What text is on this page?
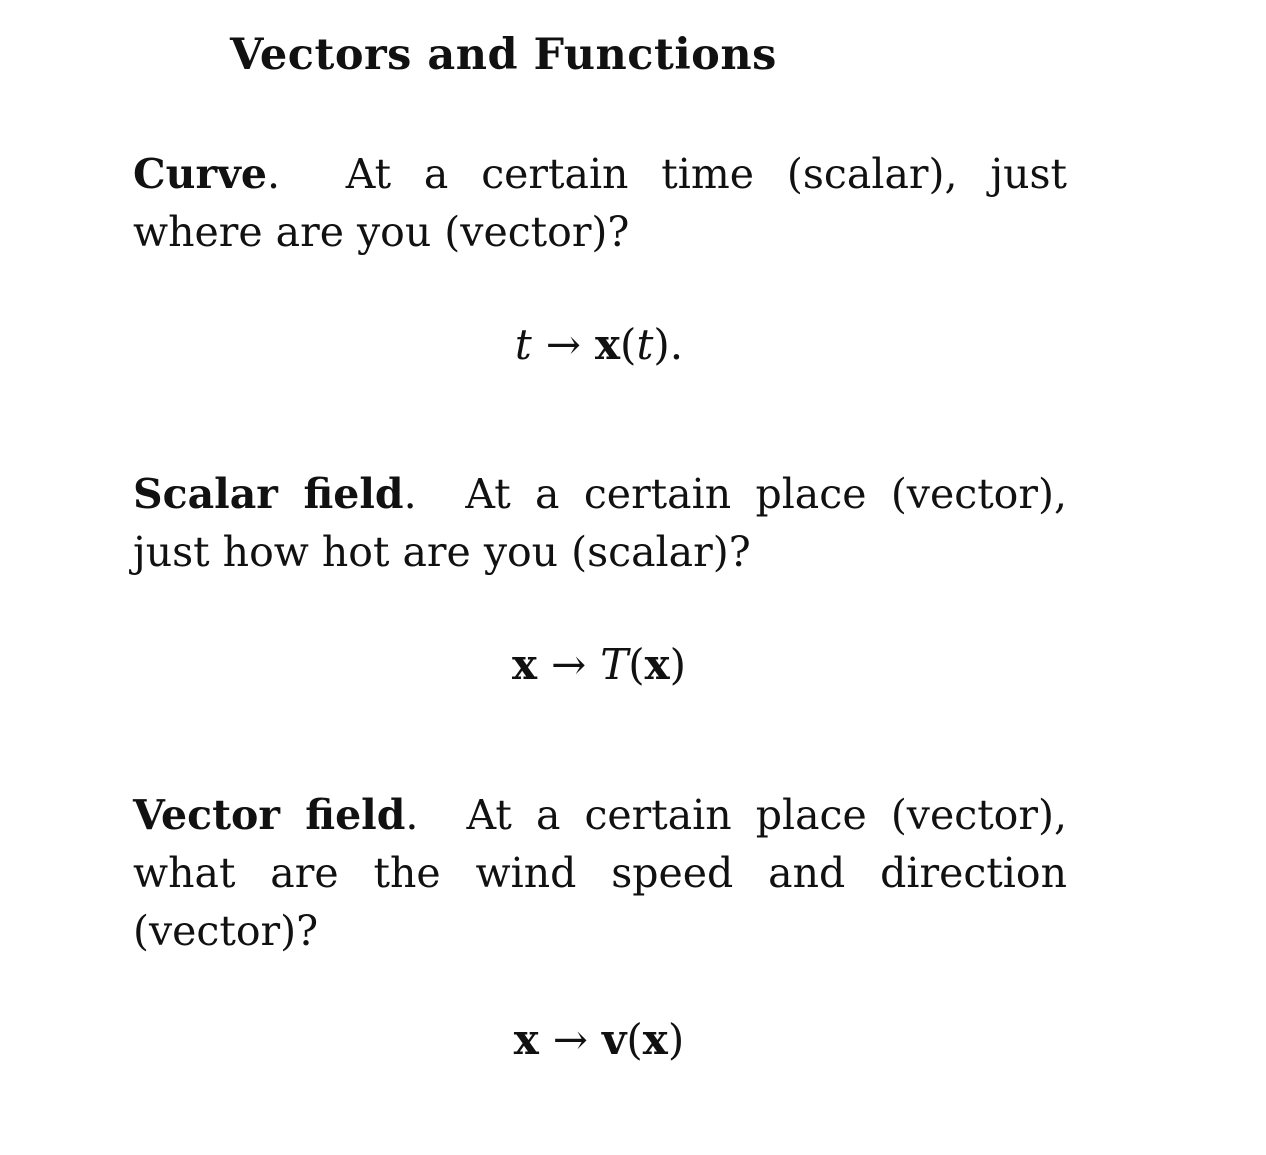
Vectors and Functions
Curve. At a certain time (scalar), just where are you (vector)?
t → x(t).
Scalar field. At a certain place (vector), just how hot are you (scalar)?
x → T(x)
Vector field. At a certain place (vector), what are the wind speed and direction (vector)?
x → v(x)
